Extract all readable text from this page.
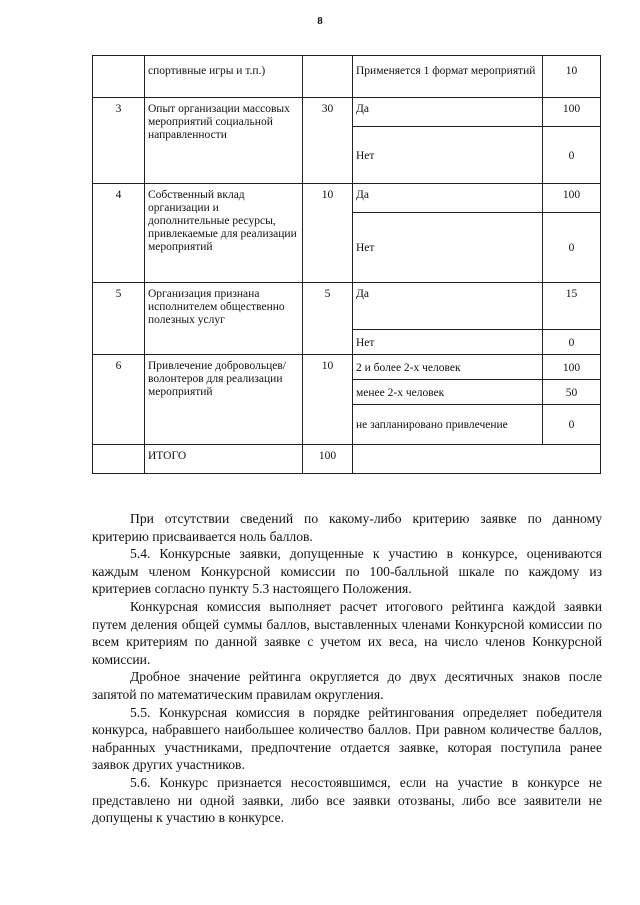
8
	спортивные игры и т.п.)		Применяется 1 формат мероприятий	10
3	Опыт организации массовых мероприятий социальной направленности	30	Да	100
			Нет	0
4	Собственный вклад организации и дополнительные ресурсы, привлекаемые для реализации мероприятий	10	Да	100
			Нет	0
5	Организация признана исполнителем общественно полезных услуг	5	Да	15
			Нет	0
6	Привлечение добровольцев/ волонтеров для реализации мероприятий	10	2 и более 2-х человек	100
			менее 2-х человек	50
			не запланировано привлечение	0
	ИТОГО	100		

При отсутствии сведений по какому-либо критерию заявке по данному критерию присваивается ноль баллов.

5.4. Конкурсные заявки, допущенные к участию в конкурсе, оцениваются каждым членом Конкурсной комиссии по 100-балльной шкале по каждому из критериев согласно пункту 5.3 настоящего Положения.

Конкурсная комиссия выполняет расчет итогового рейтинга каждой заявки путем деления общей суммы баллов, выставленных членами Конкурсной комиссии по всем критериям по данной заявке с учетом их веса, на число членов Конкурсной комиссии.

Дробное значение рейтинга округляется до двух десятичных знаков после запятой по математическим правилам округления.

5.5. Конкурсная комиссия в порядке рейтингования определяет победителя конкурса, набравшего наибольшее количество баллов. При равном количестве баллов, набранных участниками, предпочтение отдается заявке, которая поступила ранее заявок других участников.

5.6. Конкурс признается несостоявшимся, если на участие в конкурсе не представлено ни одной заявки, либо все заявки отозваны, либо все заявители не допущены к участию в конкурсе.
